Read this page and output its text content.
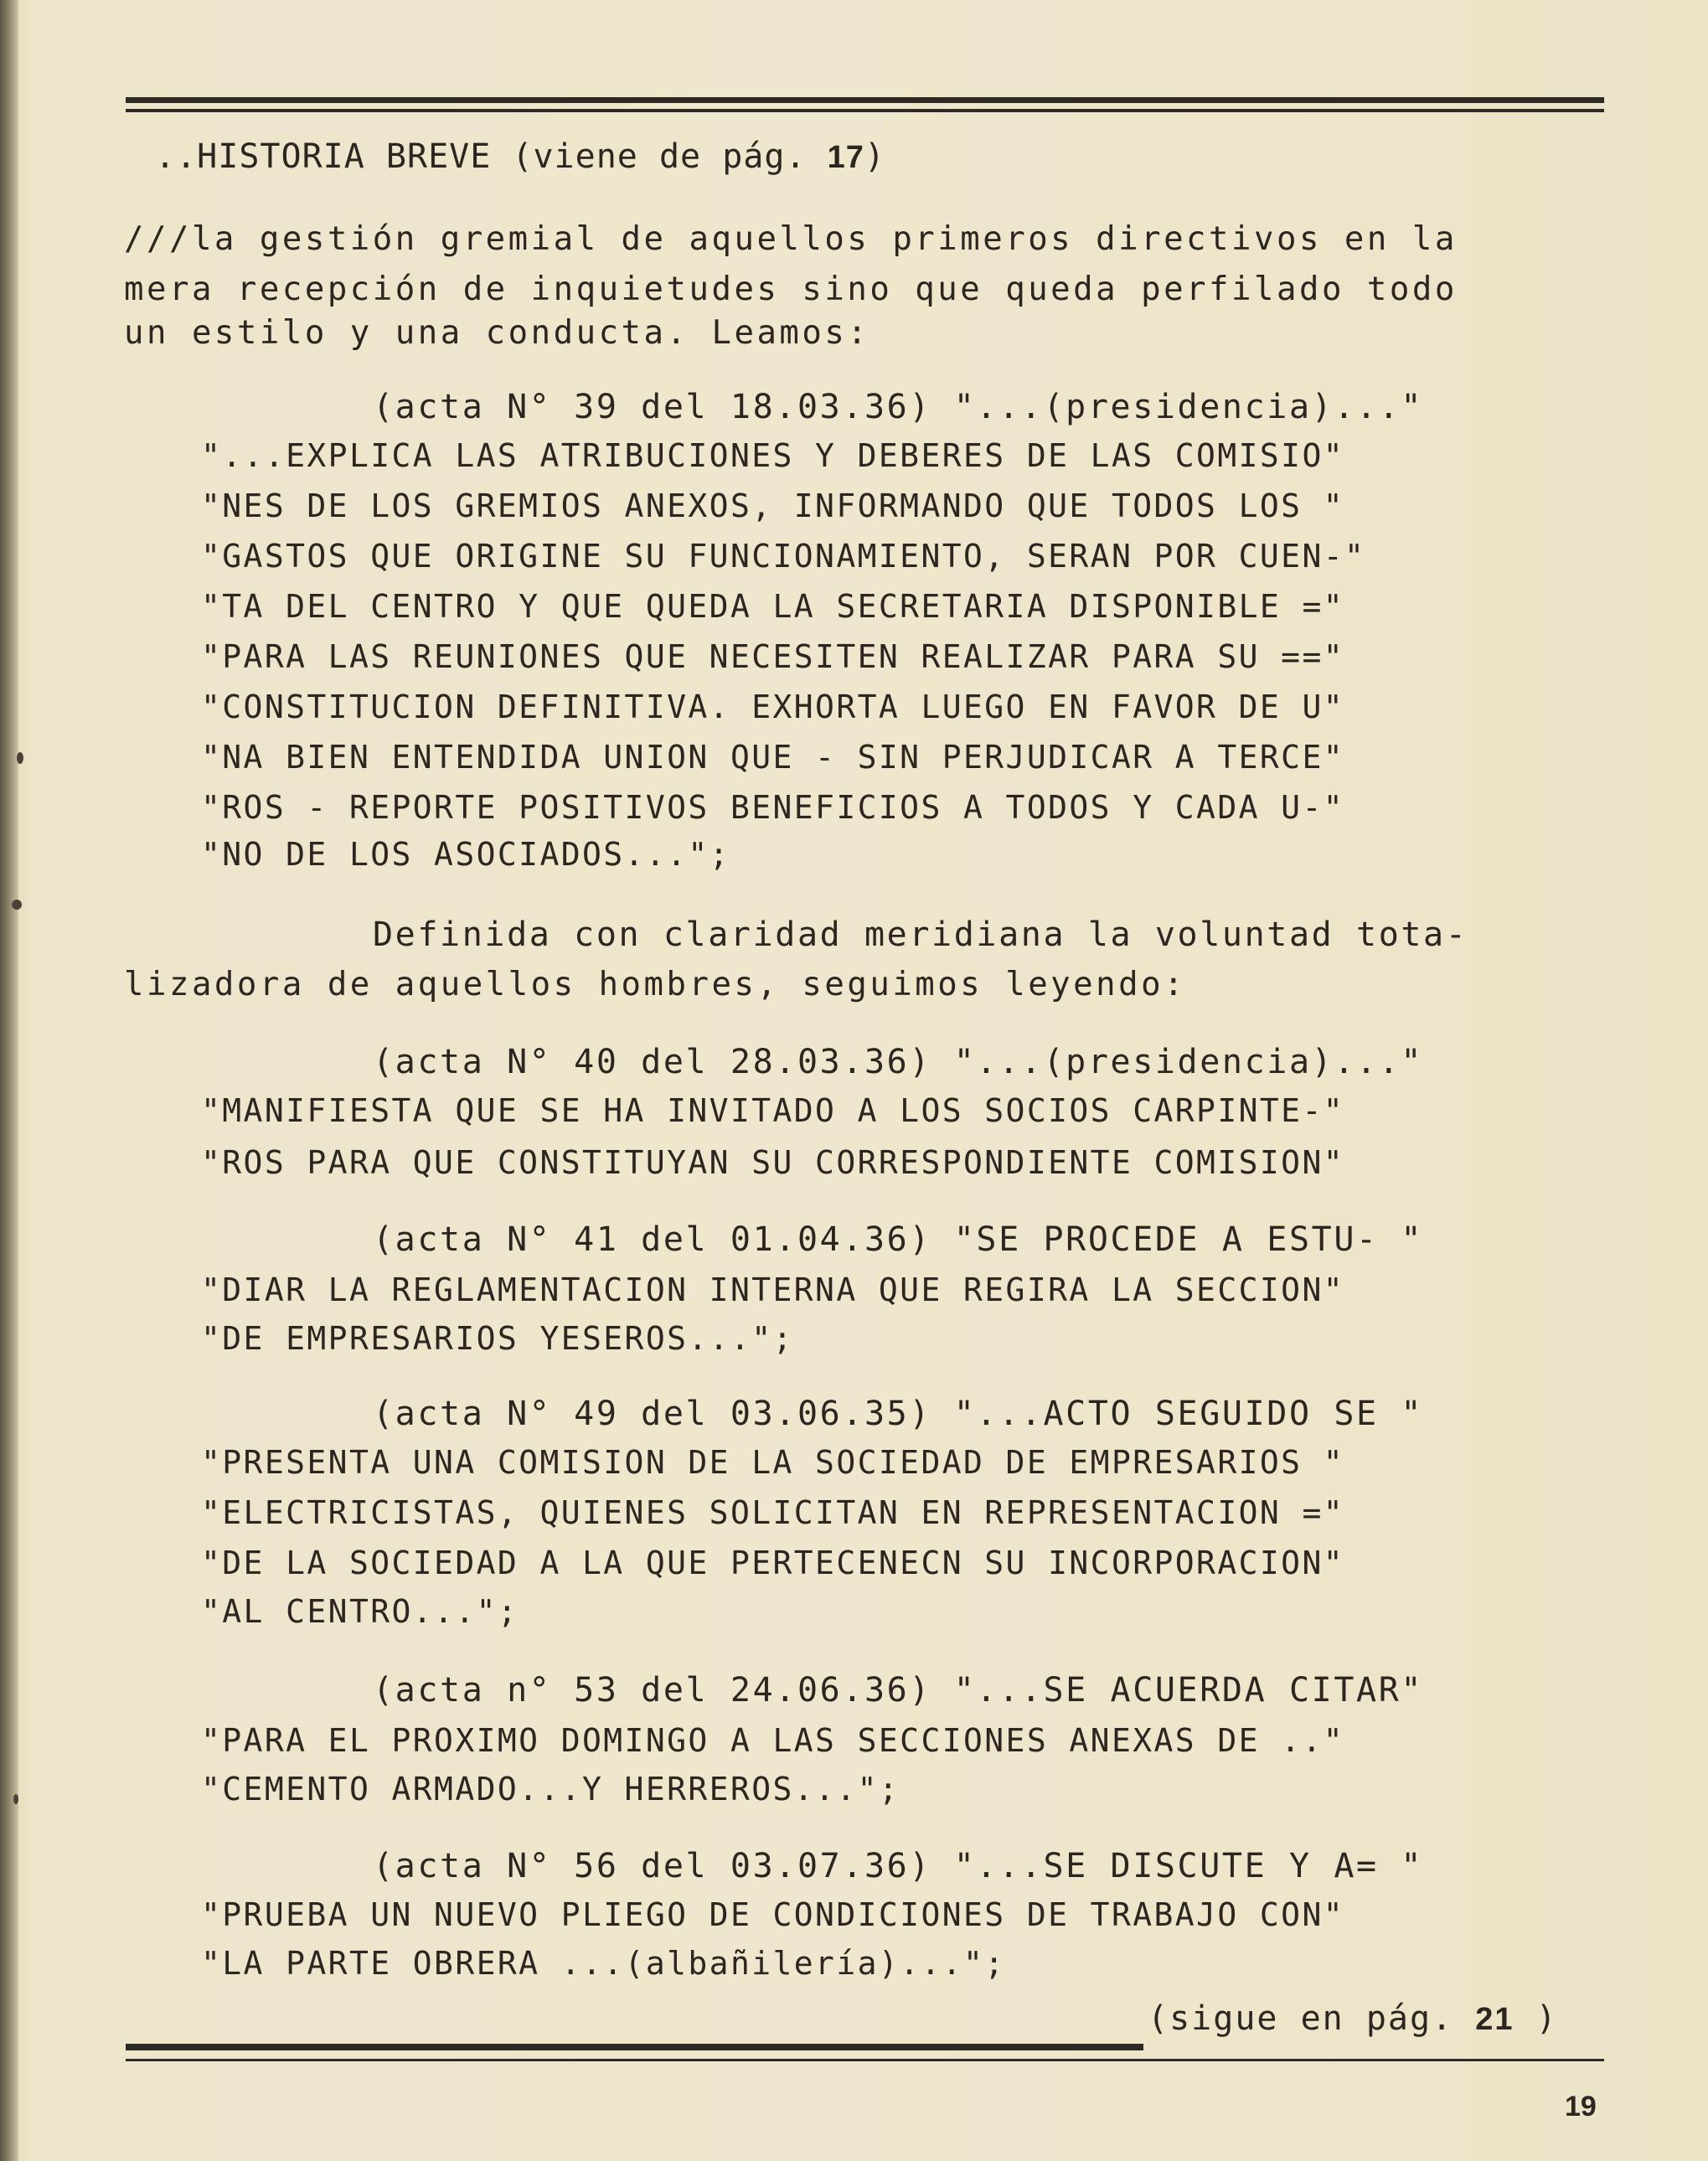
..HISTORIA BREVE (viene de pág. 17)
///la gestión gremial de aquellos primeros directivos en la
mera recepción de inquietudes sino que queda perfilado todo
un estilo y una conducta. Leamos:
(acta N° 39 del 18.03.36) "...(presidencia)..."
"...EXPLICA LAS ATRIBUCIONES Y DEBERES DE LAS COMISIO"
"NES DE LOS GREMIOS ANEXOS, INFORMANDO QUE TODOS LOS "
"GASTOS QUE ORIGINE SU FUNCIONAMIENTO, SERAN POR CUEN-"
"TA DEL CENTRO Y QUE QUEDA LA SECRETARIA DISPONIBLE ="
"PARA LAS REUNIONES QUE NECESITEN REALIZAR PARA SU =="
"CONSTITUCION DEFINITIVA. EXHORTA LUEGO EN FAVOR DE U"
"NA BIEN ENTENDIDA UNION QUE - SIN PERJUDICAR A TERCE"
"ROS - REPORTE POSITIVOS BENEFICIOS A TODOS Y CADA U-"
"NO DE LOS ASOCIADOS...";
Definida con claridad meridiana la voluntad tota-
lizadora de aquellos hombres, seguimos leyendo:
(acta N° 40 del 28.03.36) "...(presidencia)..."
"MANIFIESTA QUE SE HA INVITADO A LOS SOCIOS CARPINTE-"
"ROS PARA QUE CONSTITUYAN SU CORRESPONDIENTE COMISION"
(acta N° 41 del 01.04.36) "SE PROCEDE A ESTU- "
"DIAR LA REGLAMENTACION INTERNA QUE REGIRA LA SECCION"
"DE EMPRESARIOS YESEROS...";
(acta N° 49 del 03.06.35) "...ACTO SEGUIDO SE "
"PRESENTA UNA COMISION DE LA SOCIEDAD DE EMPRESARIOS "
"ELECTRICISTAS, QUIENES SOLICITAN EN REPRESENTACION ="
"DE LA SOCIEDAD A LA QUE PERTECENECN SU INCORPORACION"
"AL CENTRO...";
(acta n° 53 del 24.06.36) "...SE ACUERDA CITAR"
"PARA EL PROXIMO DOMINGO A LAS SECCIONES ANEXAS DE .."
"CEMENTO ARMADO...Y HERREROS...";
(acta N° 56 del 03.07.36) "...SE DISCUTE Y A= "
"PRUEBA UN NUEVO PLIEGO DE CONDICIONES DE TRABAJO CON"
"LA PARTE OBRERA ...(albañilería)...";
(sigue en pág. 21 )
19
